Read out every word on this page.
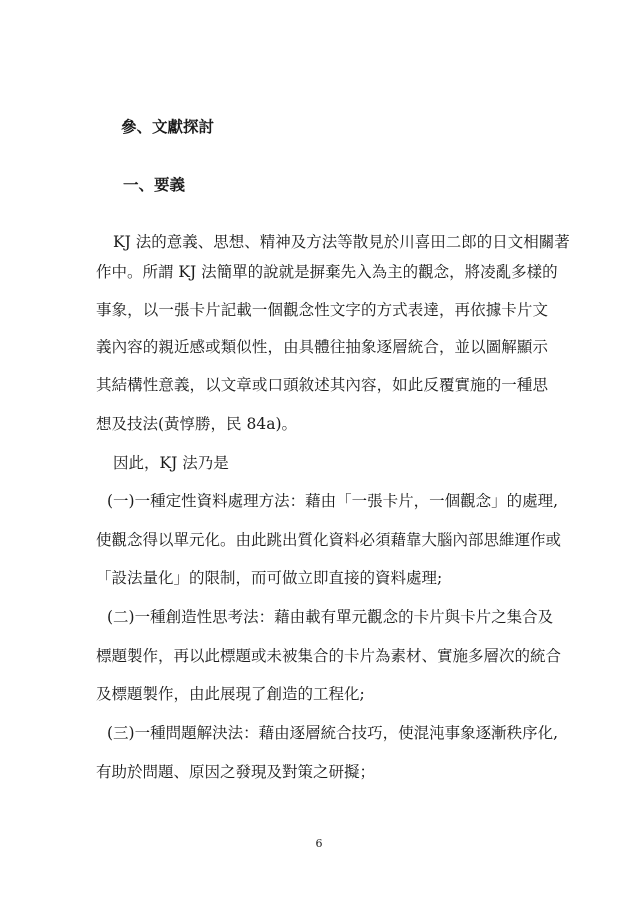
參、文獻探討

一、要義

KJ 法的意義、思想、精神及方法等散見於川喜田二郎的日文相關著

作中。所謂 KJ 法簡單的說就是摒棄先入為主的觀念，將凌亂多樣的

事象，以一張卡片記載一個觀念性文字的方式表達，再依據卡片文

義內容的親近感或類似性，由具體往抽象逐層統合，並以圖解顯示

其結構性意義，以文章或口頭敘述其內容，如此反覆實施的一種思

想及技法(黃惇勝，民 84a)。

因此，KJ 法乃是

(一)一種定性資料處理方法：藉由「一張卡片，一個觀念」的處理,

使觀念得以單元化。由此跳出質化資料必須藉靠大腦內部思維運作或

「設法量化」的限制，而可做立即直接的資料處理;

(二)一種創造性思考法：藉由載有單元觀念的卡片與卡片之集合及

標題製作，再以此標題或未被集合的卡片為素材、實施多層次的統合

及標題製作，由此展現了創造的工程化;

(三)一種問題解決法：藉由逐層統合技巧，使混沌事象逐漸秩序化,

有助於問題、原因之發現及對策之研擬；

6
